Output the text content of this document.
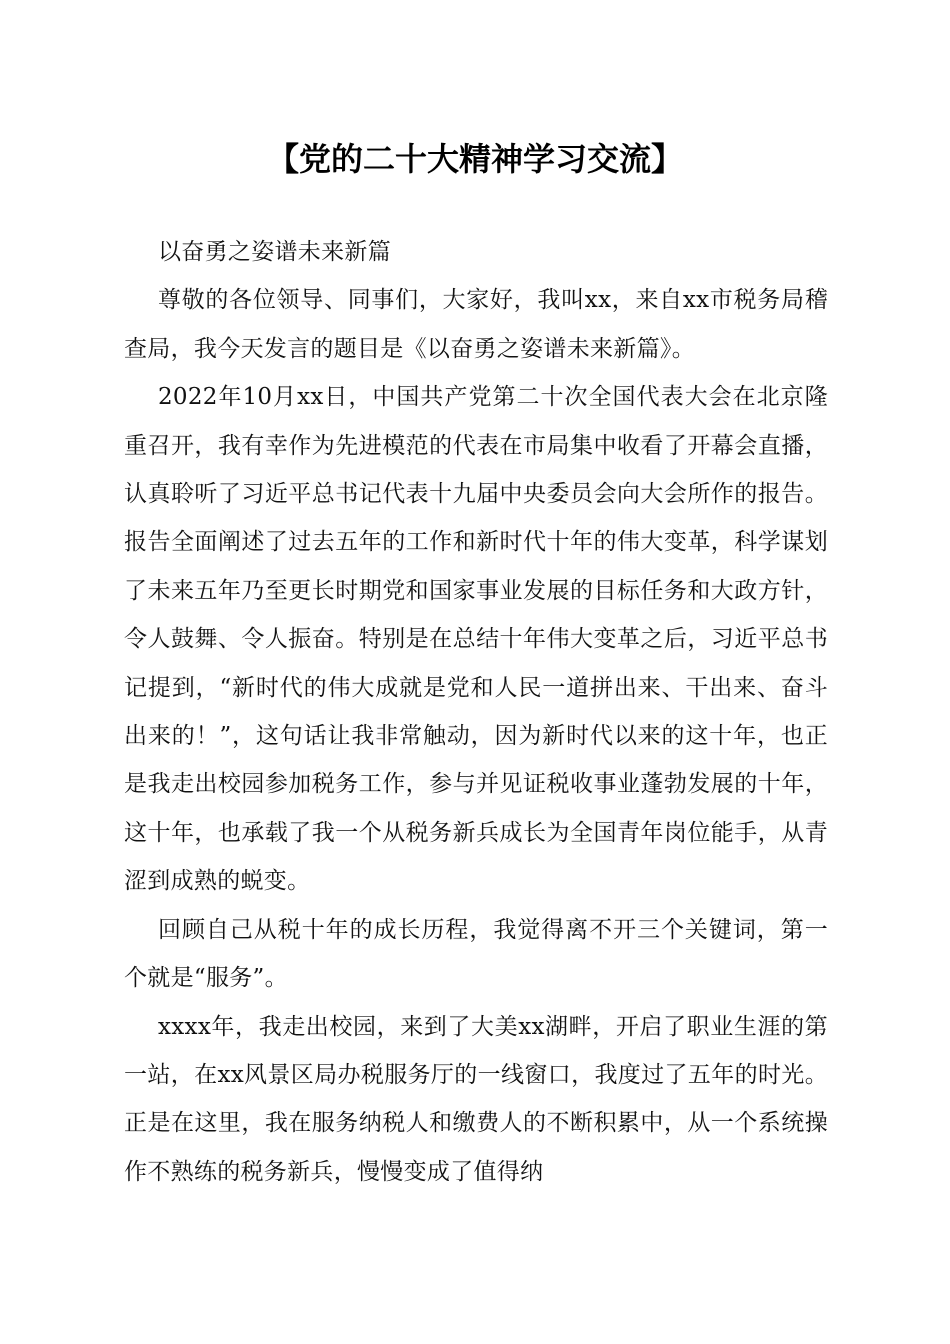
【党的二十大精神学习交流】

以奋勇之姿谱未来新篇

尊敬的各位领导、同事们，大家好，我叫xx，来自xx市税务局稽查局，我今天发言的题目是《以奋勇之姿谱未来新篇》。

2022年10月xx日，中国共产党第二十次全国代表大会在北京隆重召开，我有幸作为先进模范的代表在市局集中收看了开幕会直播，认真聆听了习近平总书记代表十九届中央委员会向大会所作的报告。报告全面阐述了过去五年的工作和新时代十年的伟大变革，科学谋划了未来五年乃至更长时期党和国家事业发展的目标任务和大政方针，令人鼓舞、令人振奋。特别是在总结十年伟大变革之后，习近平总书记提到，“新时代的伟大成就是党和人民一道拼出来、干出来、奋斗出来的！”，这句话让我非常触动，因为新时代以来的这十年，也正是我走出校园参加税务工作，参与并见证税收事业蓬勃发展的十年，这十年，也承载了我一个从税务新兵成长为全国青年岗位能手，从青涩到成熟的蜕变。

回顾自己从税十年的成长历程，我觉得离不开三个关键词，第一个就是“服务”。

xxxx年，我走出校园，来到了大美xx湖畔，开启了职业生涯的第一站，在xx风景区局办税服务厅的一线窗口，我度过了五年的时光。正是在这里，我在服务纳税人和缴费人的不断积累中，从一个系统操作不熟练的税务新兵，慢慢变成了值得纳
